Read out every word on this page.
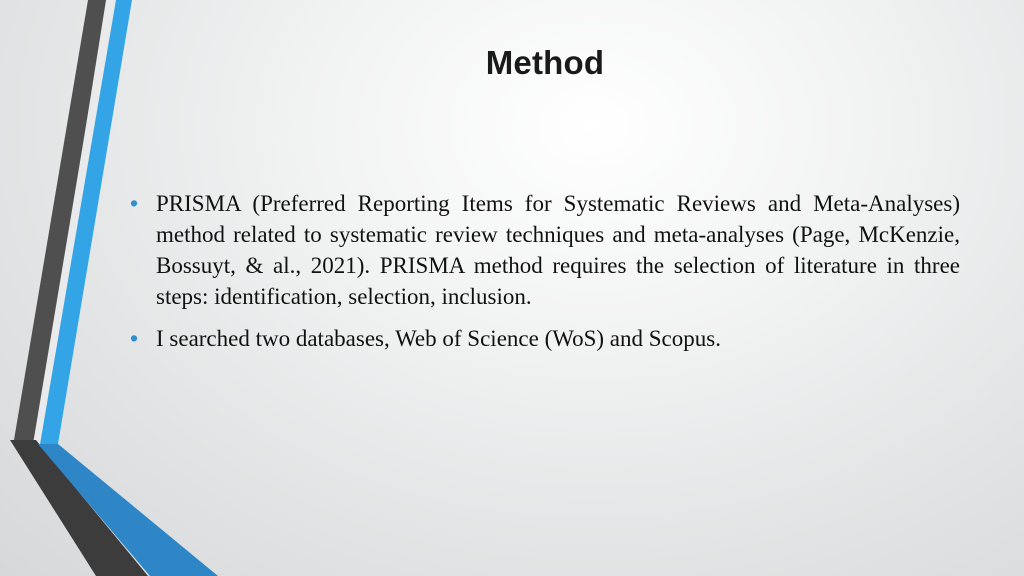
Method
• PRISMA (Preferred Reporting Items for Systematic Reviews and Meta-Analyses) method related to systematic review techniques and meta-analyses (Page, McKenzie, Bossuyt, & al., 2021). PRISMA method requires the selection of literature in three steps: identification, selection, inclusion.
• I searched two databases, Web of Science (WoS) and Scopus.
